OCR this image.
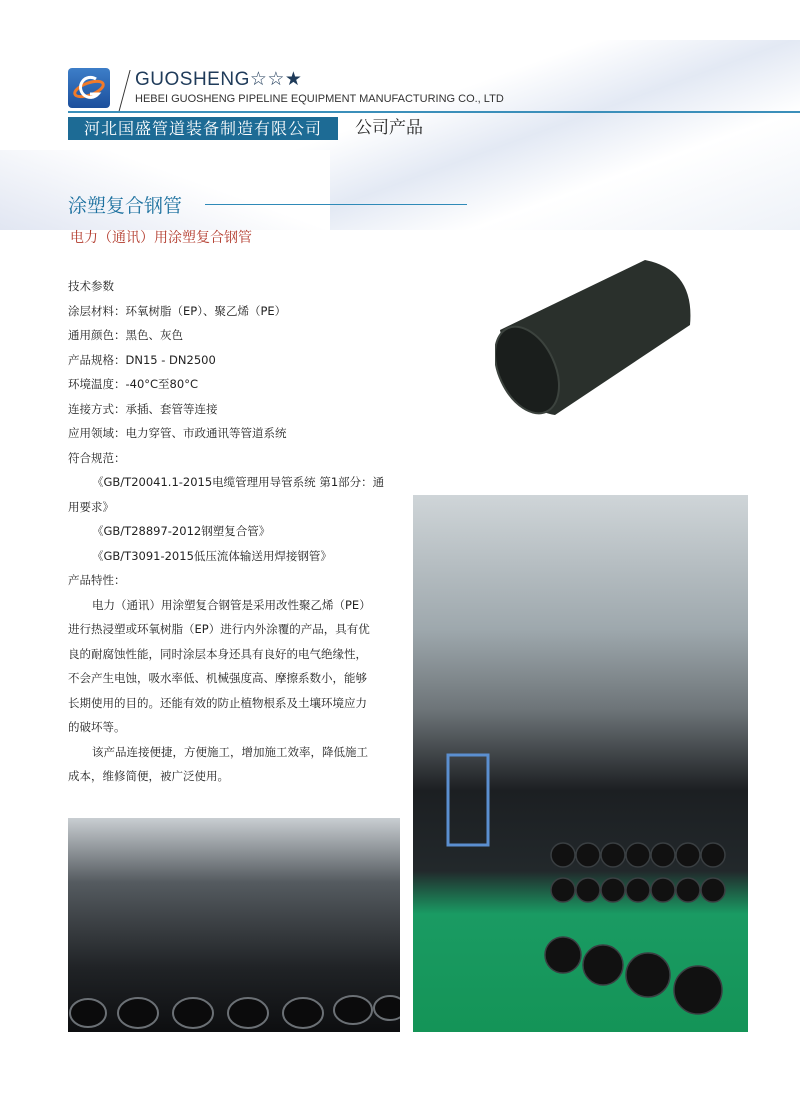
GUOSHENG☆☆★
HEBEI GUOSHENG PIPELINE EQUIPMENT MANUFACTURING CO., LTD
河北国盛管道装备制造有限公司	公司产品
涂塑复合钢管
电力（通讯）用涂塑复合钢管
技术参数
涂层材料：环氧树脂（EP）、聚乙烯（PE）
通用颜色：黑色、灰色
产品规格：DN15 - DN2500
环境温度：-40°C至80°C
连接方式：承插、套管等连接
应用领域：电力穿管、市政通讯等管道系统
符合规范：
《GB/T20041.1-2015电缆管理用导管系统 第1部分：通
用要求》
《GB/T28897-2012钢塑复合管》
《GB/T3091-2015低压流体输送用焊接钢管》
产品特性：
电力（通讯）用涂塑复合钢管是采用改性聚乙烯（PE）
进行热浸塑或环氧树脂（EP）进行内外涂覆的产品，具有优
良的耐腐蚀性能，同时涂层本身还具有良好的电气绝缘性，
不会产生电蚀，吸水率低、机械强度高、摩擦系数小，能够
长期使用的目的。还能有效的防止植物根系及土壤环境应力
的破坏等。
该产品连接便捷，方便施工，增加施工效率，降低施工
成本，维修简便，被广泛使用。
